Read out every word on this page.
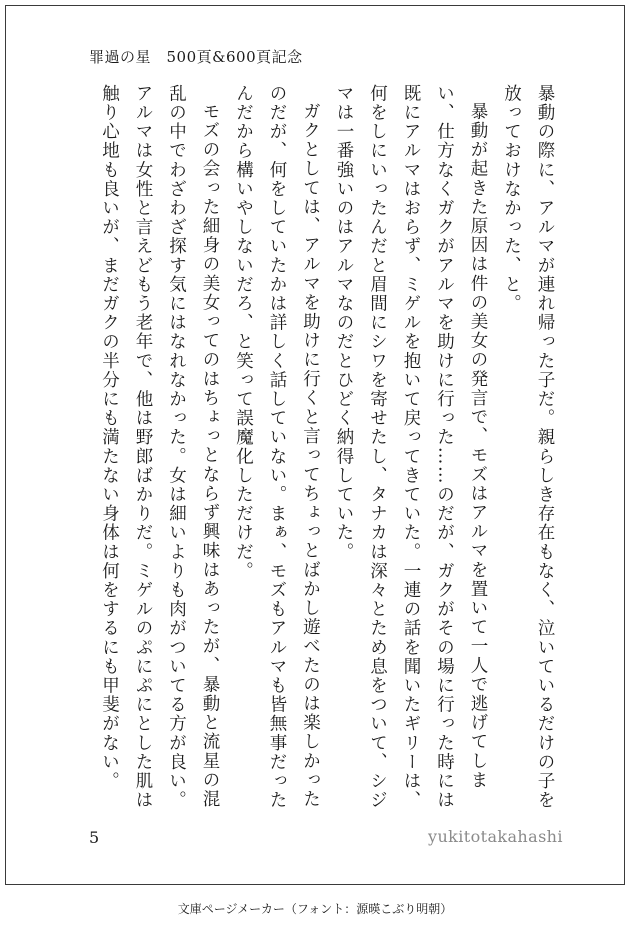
罪過の星　500頁&600頁記念

暴動の際に、アルマが連れ帰った子だ。親らしき存在もなく、泣いているだけの子を放っておけなかった、と。

暴動が起きた原因は件の美女の発言で、モズはアルマを置いて一人で逃げてしまい、仕方なくガクがアルマを助けに行った……のだが、ガクがその場に行った時には既にアルマはおらず、ミゲルを抱いて戻ってきていた。一連の話を聞いたギリーは、何をしにいったんだと眉間にシワを寄せたし、タナカは深々とため息をついて、シジマは一番強いのはアルマなのだとひどく納得していた。

ガクとしては、アルマを助けに行くと言ってちょっとばかし遊べたのは楽しかったのだが、何をしていたかは詳しく話していない。まぁ、モズもアルマも皆無事だったんだから構いやしないだろ、と笑って誤魔化しただけだ。

モズの会った細身の美女ってのはちょっとならず興味はあったが、暴動と流星の混乱の中でわざわざ探す気にはなれなかった。女は細いよりも肉がついてる方が良い。アルマは女性と言えどもう老年で、他は野郎ばかりだ。ミゲルのぷにぷにとした肌は触り心地も良いが、まだガクの半分にも満たない身体は何をするにも甲斐がない。

5	yukitotakahashi
文庫ページメーカー（フォント：源暎こぶり明朝）
